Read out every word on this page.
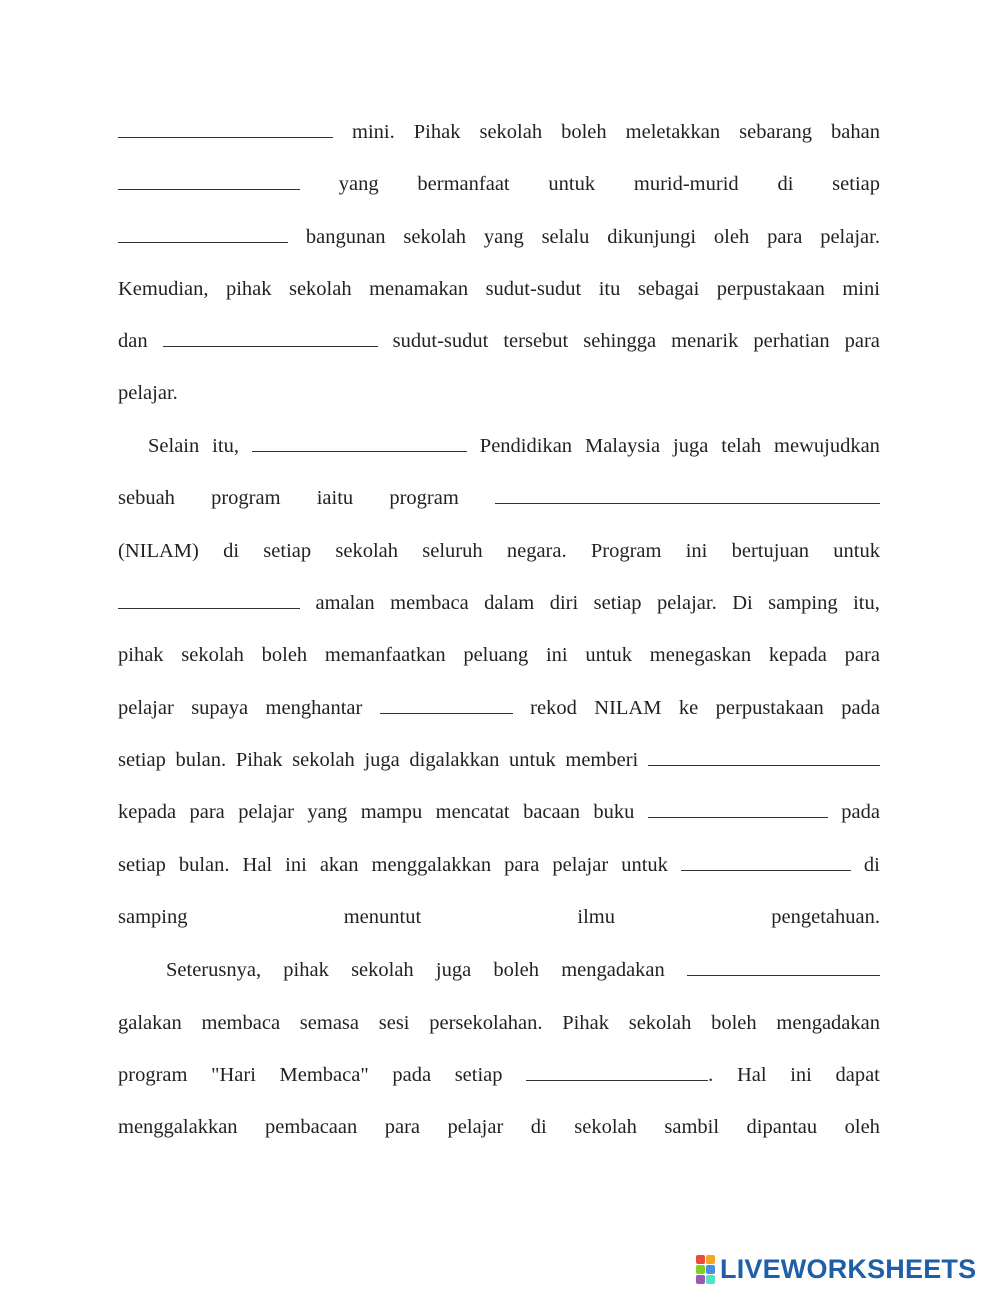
mini. Pihak sekolah boleh meletakkan sebarang bahan
yang bermanfaat untuk murid-murid di setiap
bangunan sekolah yang selalu dikunjungi oleh para pelajar.
Kemudian, pihak sekolah menamakan sudut-sudut itu sebagai perpustakaan mini
dan	sudut-sudut tersebut sehingga menarik perhatian para
pelajar.
Selain itu,	Pendidikan Malaysia juga telah mewujudkan
sebuah program iaitu program
(NILAM) di setiap sekolah seluruh negara. Program ini bertujuan untuk
amalan membaca dalam diri setiap pelajar. Di samping itu,
pihak sekolah boleh memanfaatkan peluang ini untuk menegaskan kepada para
pelajar supaya menghantar	rekod NILAM ke perpustakaan pada
setiap bulan. Pihak sekolah juga digalakkan untuk memberi
kepada para pelajar yang mampu mencatat bacaan buku	pada
setiap bulan. Hal ini akan menggalakkan para pelajar untuk	di
samping	menuntut	ilmu	pengetahuan.
Seterusnya, pihak sekolah juga boleh mengadakan
galakan membaca semasa sesi persekolahan. Pihak sekolah boleh mengadakan
program "Hari Membaca" pada setiap	. Hal ini dapat
menggalakkan pembacaan para pelajar di sekolah sambil dipantau oleh
LIVEWORKSHEETS
